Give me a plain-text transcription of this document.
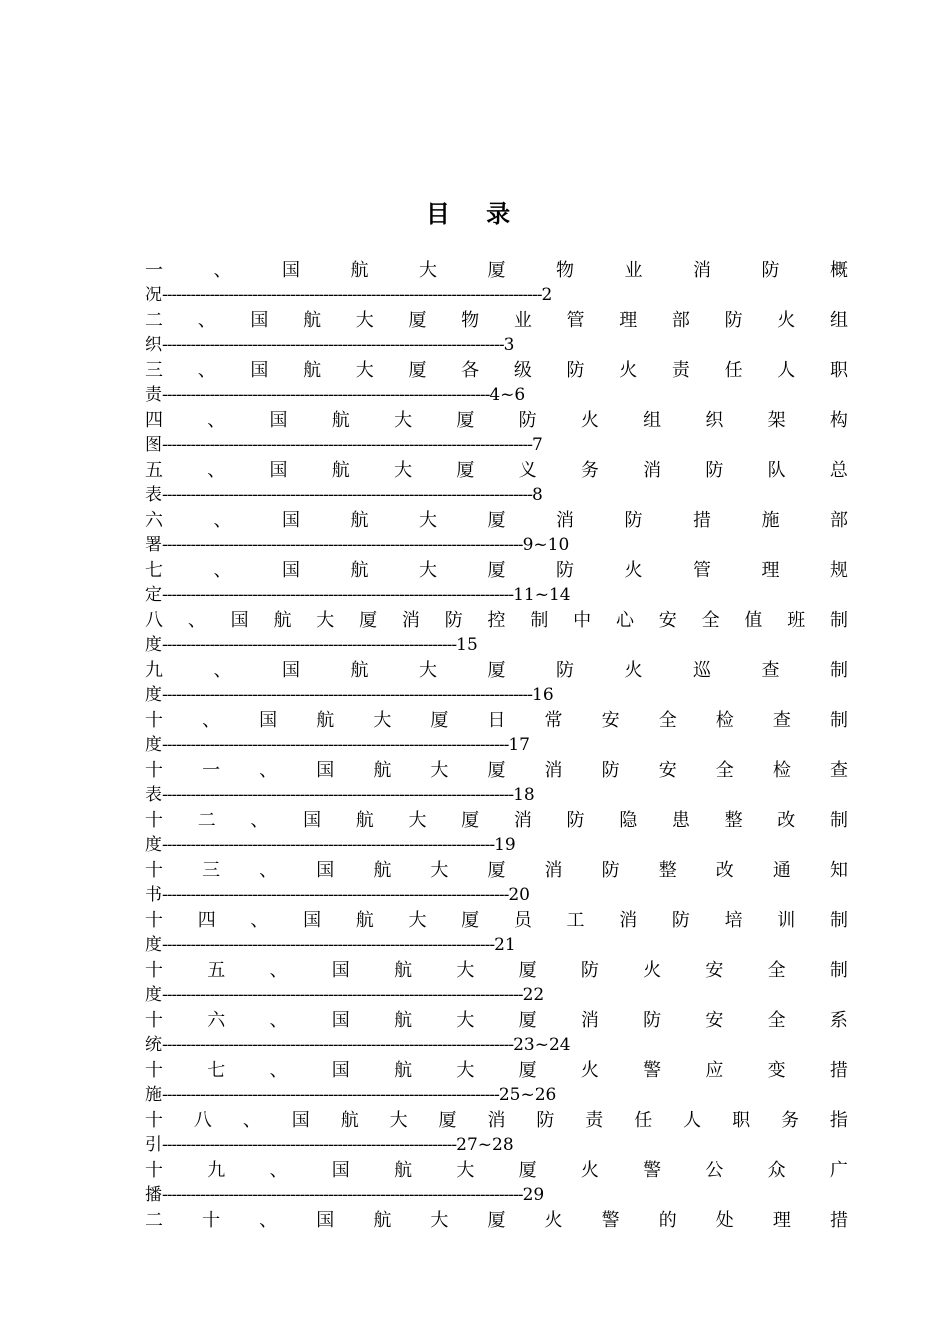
目 录
一	、	国	航	大	厦	物	业	消	防	概
况--------------------------------------------------------------------------------2
二 、 国 航 大 厦 物 业 管 理 部 防 火 组
织------------------------------------------------------------------------3
三 、 国 航 大 厦 各 级 防 火 责 任 人 职
责---------------------------------------------------------------------4~6
四 、 国 航 大 厦 防 火 组 织 架 构
图------------------------------------------------------------------------------7
五 、 国 航 大 厦 义 务 消 防 队 总
表------------------------------------------------------------------------------8
六	、	国	航	大	厦	消	防	措	施	部
署----------------------------------------------------------------------------9~10
七	、	国	航	大	厦	防	火	管	理	规
定--------------------------------------------------------------------------11~14
八 、 国 航 大 厦 消 防 控 制 中 心 安 全 值 班 制
度--------------------------------------------------------------15
九	、	国	航	大	厦	防	火	巡	查	制
度------------------------------------------------------------------------------16
十 、 国 航 大 厦 日 常 安 全 检 查 制
度-------------------------------------------------------------------------17
十 一 、 国 航 大 厦 消 防 安 全 检 查
表--------------------------------------------------------------------------18
十 二 、 国 航 大 厦 消 防 隐 患 整 改 制
度----------------------------------------------------------------------19
十 三 、 国 航 大 厦 消 防 整 改 通 知
书-------------------------------------------------------------------------20
十 四 、 国 航 大 厦 员 工 消 防 培 训 制
度----------------------------------------------------------------------21
十 五 、 国 航 大 厦 防 火 安 全 制
度----------------------------------------------------------------------------22
十 六 、 国 航 大 厦 消 防 安 全 系
统--------------------------------------------------------------------------23~24
十 七 、 国 航 大 厦 火 警 应 变 措
施-----------------------------------------------------------------------25~26
十 八 、 国 航 大 厦 消 防 责 任 人 职 务 指
引--------------------------------------------------------------27~28
十 九 、 国 航 大 厦 火 警 公 众 广
播----------------------------------------------------------------------------29
二 十 、 国 航 大 厦 火 警 的 处 理 措
